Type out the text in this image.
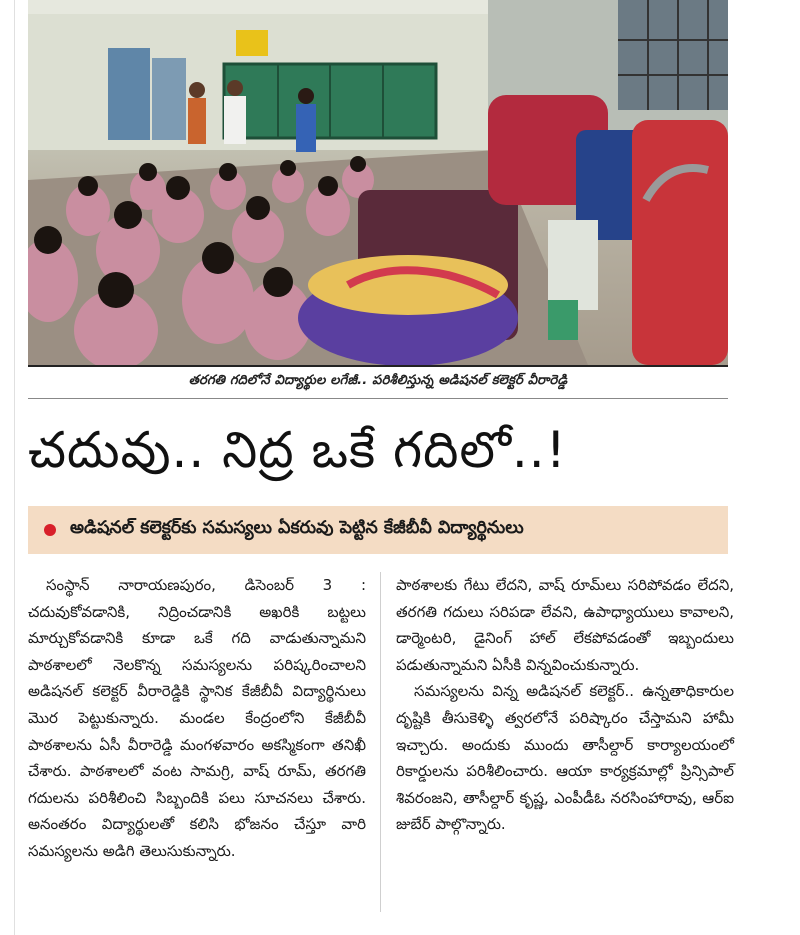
తరగతి గదిలోనే విద్యార్థుల లగేజీ.. పరిశీలిస్తున్న అడిషనల్ కలెక్టర్ వీరారెడ్డి
చదువు.. నిద్ర ఒకే గదిలో..!
అడిషనల్ కలెక్టర్‌కు సమస్యలు ఏకరువు పెట్టిన కేజీబీవీ విద్యార్థినులు

సంస్థాన్ నారాయణపురం, డిసెంబర్ 3 : చదువుకోవడానికి, నిద్రించడానికి అఖరికి బట్టలు మార్చుకోవడానికి కూడా ఒకే గది వాడుతున్నామని పాఠశాలలో నెలకొన్న సమస్యలను పరిష్కరించాలని అడిషనల్ కలెక్టర్ వీరారెడ్డికి స్థానిక కేజీబీవీ విద్యార్థినులు మొర పెట్టుకున్నారు. మండల కేంద్రంలోని కేజీబీవీ పాఠశాలను ఏసీ వీరారెడ్డి మంగళవారం అకస్మికంగా తనిఖీ చేశారు. పాఠశాలలో వంట సామగ్రి, వాష్ రూమ్, తరగతి గదులను పరిశీలించి సిబ్బందికి పలు సూచనలు చేశారు. అనంతరం విద్యార్థులతో కలిసి భోజనం చేస్తూ వారి సమస్యలను అడిగి తెలుసుకున్నారు.

పాఠశాలకు గేటు లేదని, వాష్ రూమ్‌లు సరిపోవడం లేదని, తరగతి గదులు సరిపడా లేవని, ఉపాధ్యాయులు కావాలని, డార్మెంటరి, డైనింగ్ హాల్ లేకపోవడంతో ఇబ్బందులు పడుతున్నామని ఏసీకి విన్నవించుకున్నారు.

సమస్యలను విన్న అడిషనల్ కలెక్టర్.. ఉన్నతాధికారుల దృష్టికి తీసుకెళ్ళి త్వరలోనే పరిష్కారం చేస్తామని హామీ ఇచ్చారు. అందుకు ముందు తాసీల్దార్ కార్యాలయంలో రికార్డులను పరిశీలించారు. ఆయా కార్యక్రమాల్లో ప్రిన్సిపాల్ శివరంజని, తాసీల్దార్ కృష్ణ, ఎంపీడీఓ నరసింహారావు, ఆర్ఐ జుబేర్ పాల్గొన్నారు.
